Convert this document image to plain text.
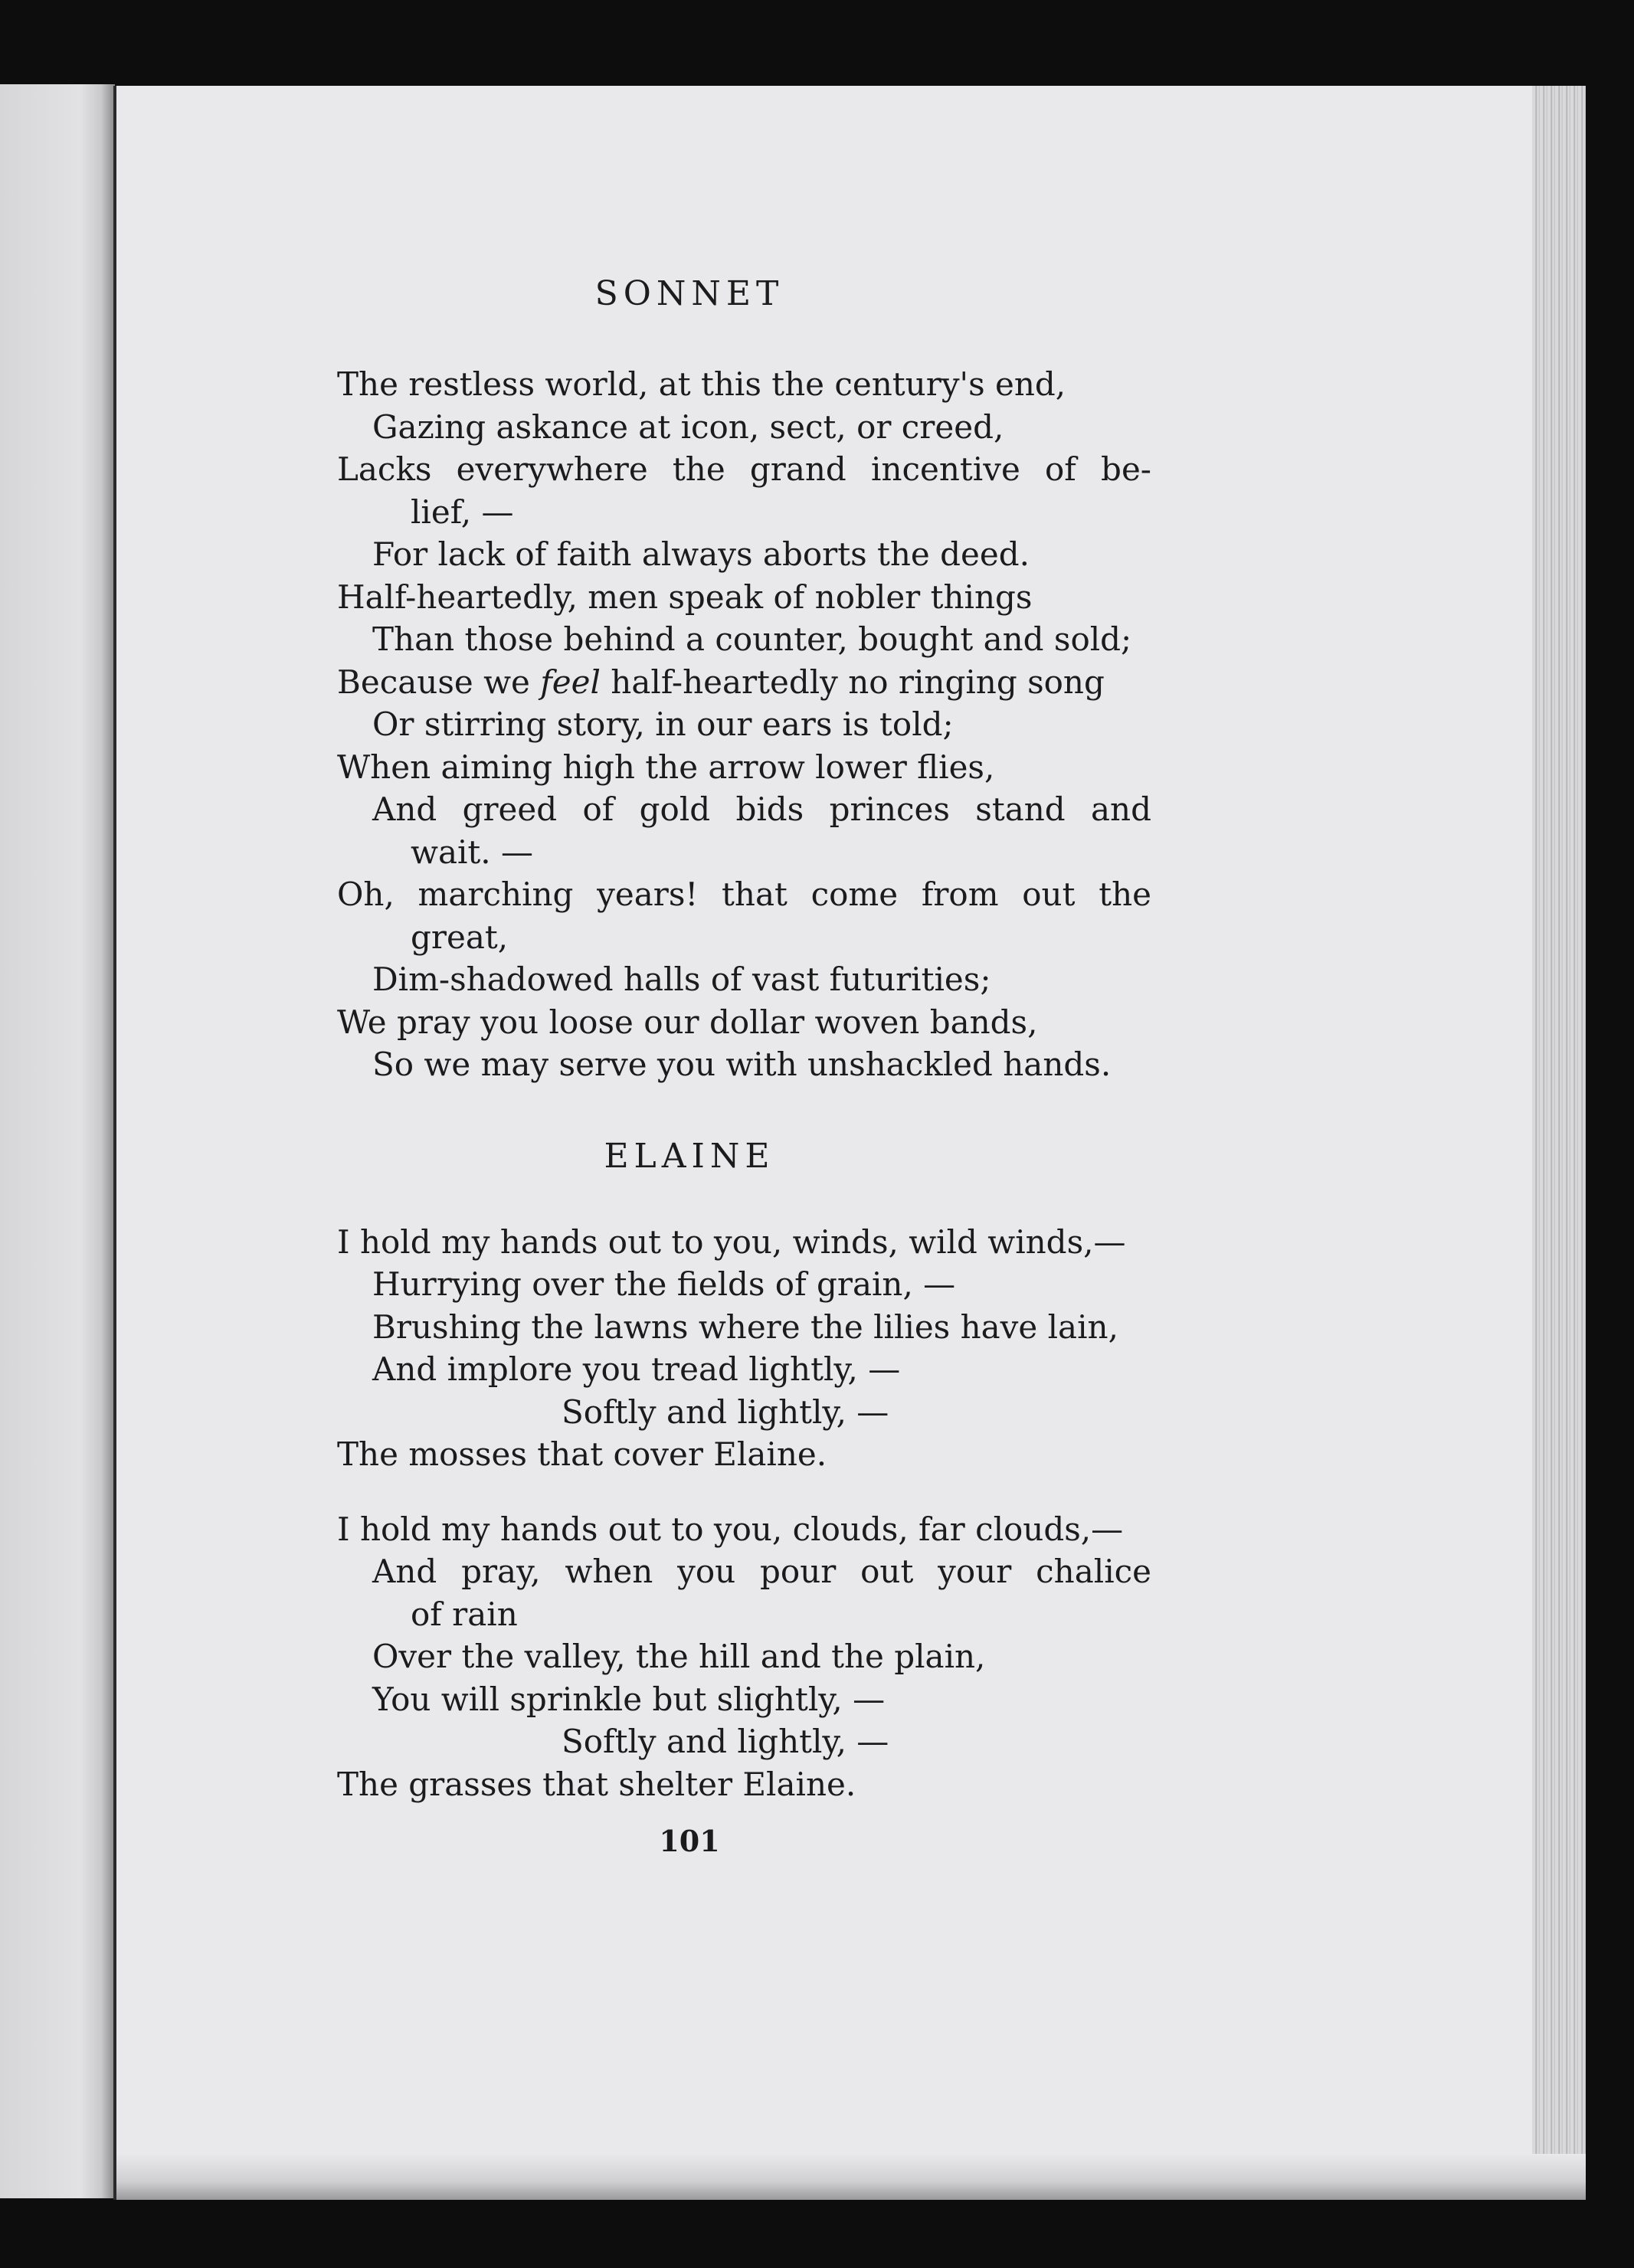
SONNET
The restless world, at this the century's end,
Gazing askance at icon, sect, or creed,
Lacks everywhere the grand incentive of be-
lief, —
For lack of faith always aborts the deed.
Half-heartedly, men speak of nobler things
Than those behind a counter, bought and sold;
Because we feel half-heartedly no ringing song
Or stirring story, in our ears is told;
When aiming high the arrow lower flies,
And greed of gold bids princes stand and
wait. —
Oh, marching years! that come from out the
great,
Dim-shadowed halls of vast futurities;
We pray you loose our dollar woven bands,
So we may serve you with unshackled hands.
ELAINE
I hold my hands out to you, winds, wild winds,—
Hurrying over the fields of grain, —
Brushing the lawns where the lilies have lain,
And implore you tread lightly, —
Softly and lightly, —
The mosses that cover Elaine.
I hold my hands out to you, clouds, far clouds,—
And pray, when you pour out your chalice
of rain
Over the valley, the hill and the plain,
You will sprinkle but slightly, —
Softly and lightly, —
The grasses that shelter Elaine.
101
